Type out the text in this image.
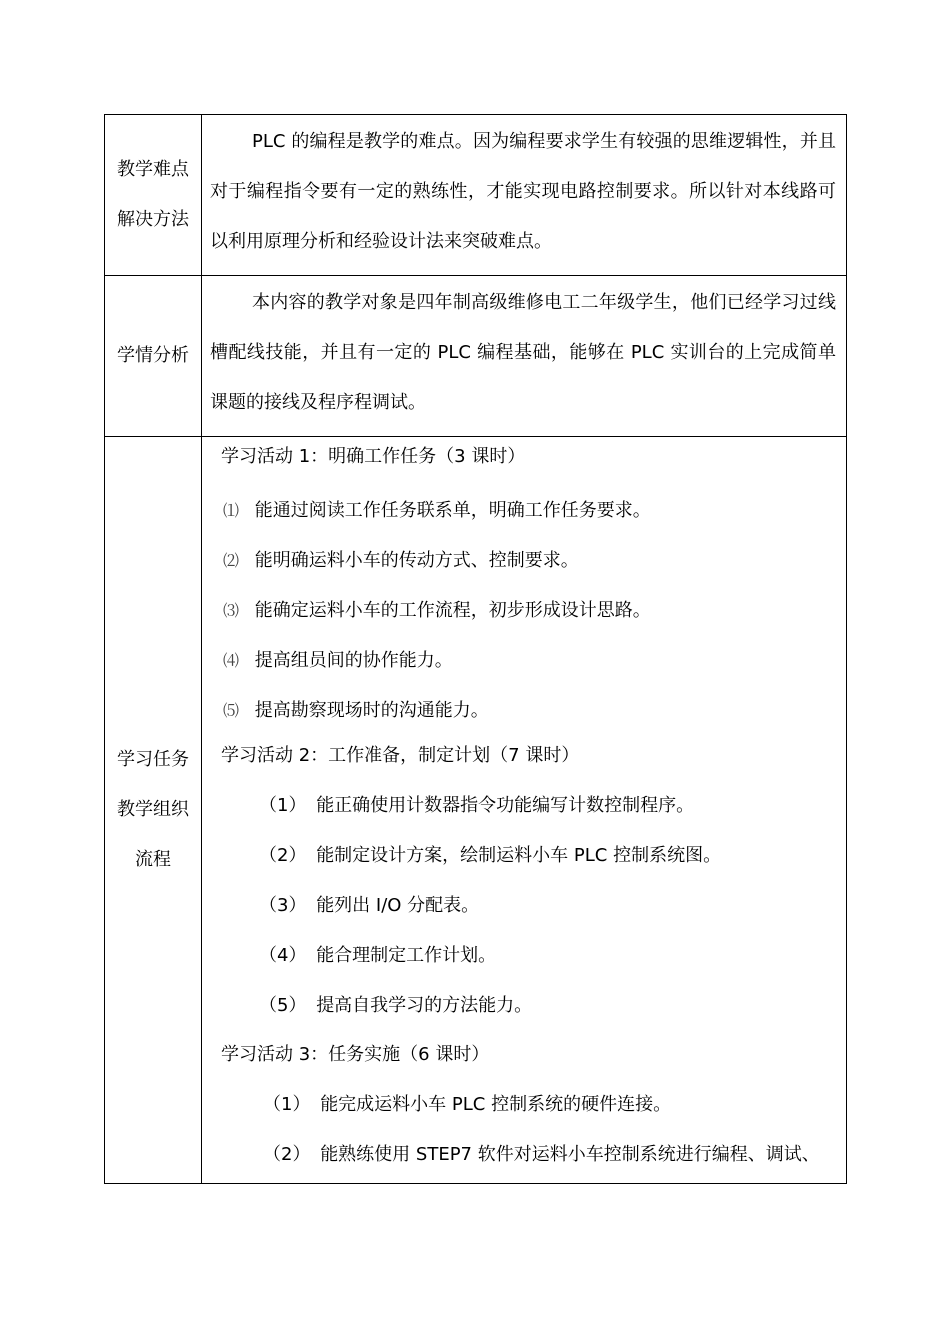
教学难点
解决方法

PLC 的编程是教学的难点。因为编程要求学生有较强的思维逻辑性，并且对于编程指令要有一定的熟练性，才能实现电路控制要求。所以针对本线路可以利用原理分析和经验设计法来突破难点。

学情分析

本内容的教学对象是四年制高级维修电工二年级学生，他们已经学习过线槽配线技能，并且有一定的 PLC 编程基础，能够在 PLC 实训台的上完成简单课题的接线及程序程调试。

学习任务
教学组织
流程
学习活动 1：明确工作任务（3 课时）
⑴ 能通过阅读工作任务联系单，明确工作任务要求。
⑵ 能明确运料小车的传动方式、控制要求。
⑶ 能确定运料小车的工作流程，初步形成设计思路。
⑷ 提高组员间的协作能力。
⑸ 提高勘察现场时的沟通能力。
学习活动 2：工作准备，制定计划（7 课时）
（1） 能正确使用计数器指令功能编写计数控制程序。
（2） 能制定设计方案，绘制运料小车 PLC 控制系统图。
（3） 能列出 I/O 分配表。
（4） 能合理制定工作计划。
（5） 提高自我学习的方法能力。
学习活动 3：任务实施（6 课时）
（1） 能完成运料小车 PLC 控制系统的硬件连接。
（2） 能熟练使用 STEP7 软件对运料小车控制系统进行编程、调试、
